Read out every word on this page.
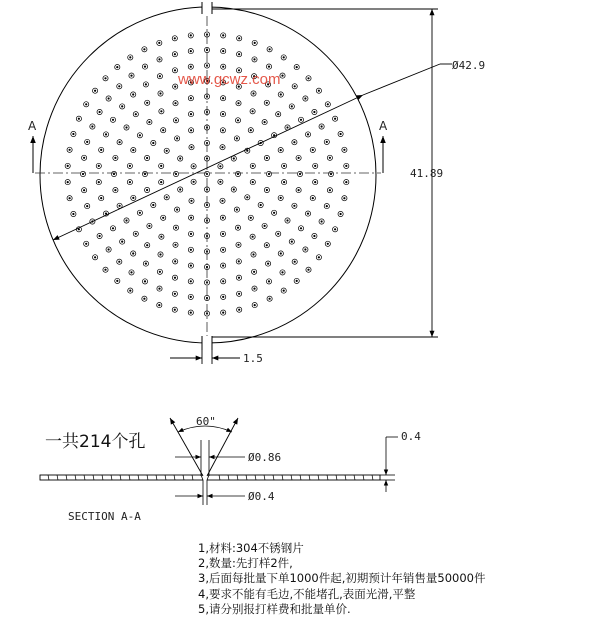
A	A
Ø42.9
www.gcwz.com
41.89
1.5
60"
Ø0.86
Ø0.4
0.4
一共214个孔
SECTION A-A
1,材料:304不锈钢片
2,数量:先打样2件,
3,后面每批量下单1000件起,初期预计年销售量50000件
4,要求不能有毛边,不能堵孔,表面光滑,平整
5,请分别报打样费和批量单价.
